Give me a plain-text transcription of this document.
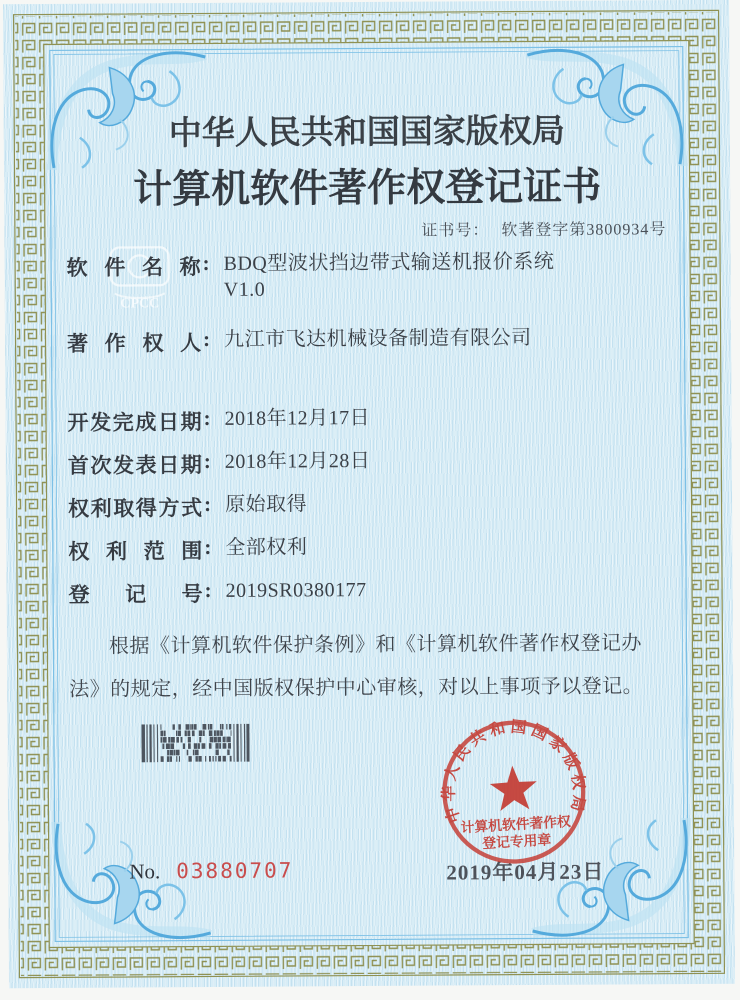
CPCC
中华人民共和国国家版权局
计算机软件著作权登记证书
证书号： 软著登字第3800934号
软件名称 : BDQ型波状挡边带式输送机报价系统
V1.0
著作权人 : 九江市飞达机械设备制造有限公司
开发完成日期 : 2018年12月17日
首次发表日期 : 2018年12月28日
权利取得方式 : 原始取得
权利范围 : 全部权利
登记号 : 2019SR0380177

根据《计算机软件保护条例》和《计算机软件著作权登记办法》的规定，经中国版权保护中心审核，对以上事项予以登记。

No. 03880707	2019年04月23日
中华人民共和国国家版权局
计算机软件著作权
登记专用章
